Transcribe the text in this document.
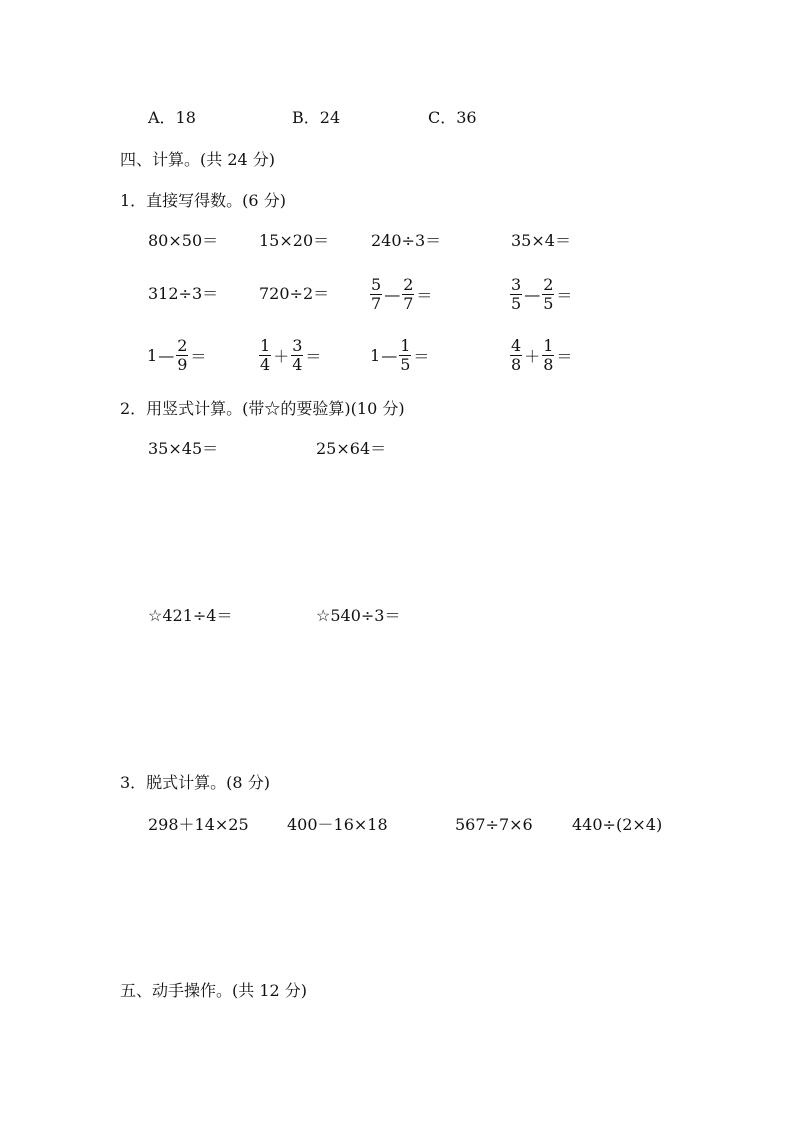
A．18	B．24	C．36
四、计算。(共 24 分)
1．直接写得数。(6 分)
80×50＝	15×20＝	240÷3＝	35×4＝
312÷3＝	720÷2＝	$\frac{5}{7}$ — $\frac{2}{7}$ ＝	$\frac{3}{5}$ — $\frac{2}{5}$ ＝
1 — $\frac{2}{9}$ ＝	$\frac{1}{4} + \frac{3}{4}$ ＝	1 — $\frac{1}{5}$ ＝	$\frac{4}{8} + \frac{1}{8}$ ＝
2．用竖式计算。(带☆的要验算)(10 分)
35×45＝	25×64＝
☆421÷4＝	☆540÷3＝
3．脱式计算。(8 分)
298＋14×25 400－16×18	567÷7×6 440÷(2×4)
五、动手操作。(共 12 分)
